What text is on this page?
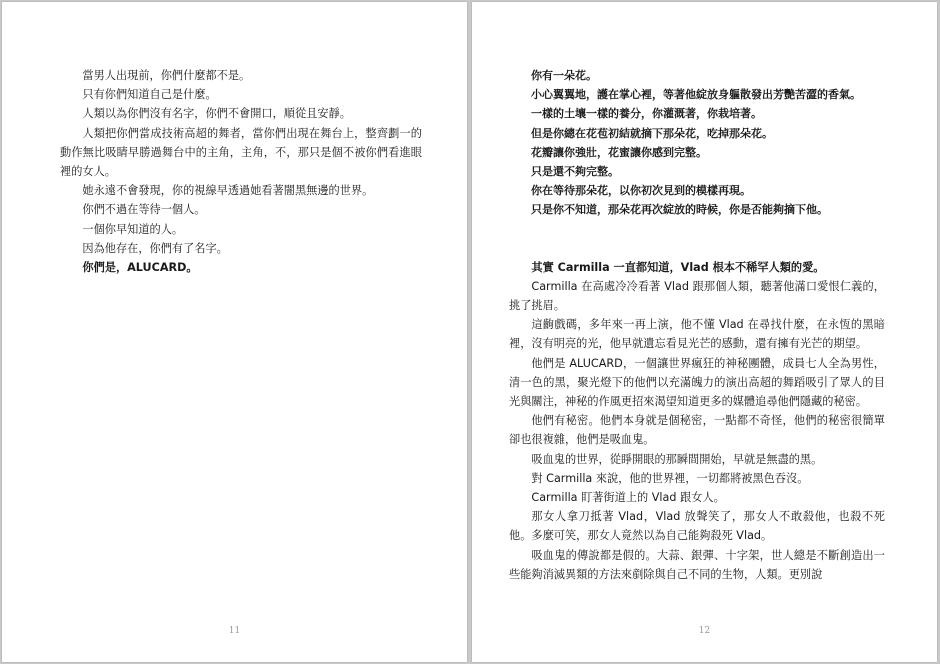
當男人出現前，你們什麼都不是。

只有你們知道自己是什麼。

人類以為你們沒有名字，你們不會開口，順從且安靜。

人類把你們當成技術高超的舞者，當你們出現在舞台上，整齊劃一的動作無比吸睛早勝過舞台中的主角，主角，不，那只是個不被你們看進眼裡的女人。

她永遠不會發現，你的視線早透過她看著闇黑無邊的世界。

你們不過在等待一個人。

一個你早知道的人。

因為他存在，你們有了名字。

你們是，ALUCARD。

11

你有一朵花。

小心翼翼地，護在掌心裡，等著他綻放身軀散發出芳艷苦澀的香氣。

一樣的土壤一樣的養分，你灌溉著，你栽培著。

但是你總在花苞初結就摘下那朵花，吃掉那朵花。

花瓣讓你強壯，花蜜讓你感到完整。

只是還不夠完整。

你在等待那朵花，以你初次見到的模樣再現。

只是你不知道，那朵花再次綻放的時候，你是否能夠摘下他。

其實 Carmilla 一直都知道，Vlad 根本不稀罕人類的愛。

Carmilla 在高處冷冷看著 Vlad 跟那個人類，聽著他滿口愛恨仁義的，挑了挑眉。

這齣戲碼，多年來一再上演，他不懂 Vlad 在尋找什麼，在永恆的黑暗裡，沒有明亮的光，他早就遺忘看見光芒的感動，還有擁有光芒的期望。

他們是 ALUCARD，一個讓世界瘋狂的神秘團體，成員七人全為男性，清一色的黑，聚光燈下的他們以充滿魄力的演出高超的舞蹈吸引了眾人的目光與關注，神秘的作風更招來渴望知道更多的媒體追尋他們隱藏的秘密。

他們有秘密。他們本身就是個秘密，一點都不奇怪，他們的秘密很簡單卻也很複雜，他們是吸血鬼。

吸血鬼的世界，從睜開眼的那瞬間開始，早就是無盡的黑。

對 Carmilla 來說，他的世界裡，一切都將被黑色吞沒。

Carmilla 盯著街道上的 Vlad 跟女人。

那女人拿刀抵著 Vlad，Vlad 放聲笑了，那女人不敢殺他，也殺不死他。多麼可笑，那女人竟然以為自己能夠殺死 Vlad。

吸血鬼的傳說都是假的。大蒜、銀彈、十字架，世人總是不斷創造出一些能夠消滅異類的方法來剷除與自己不同的生物，人類。更別說

12
